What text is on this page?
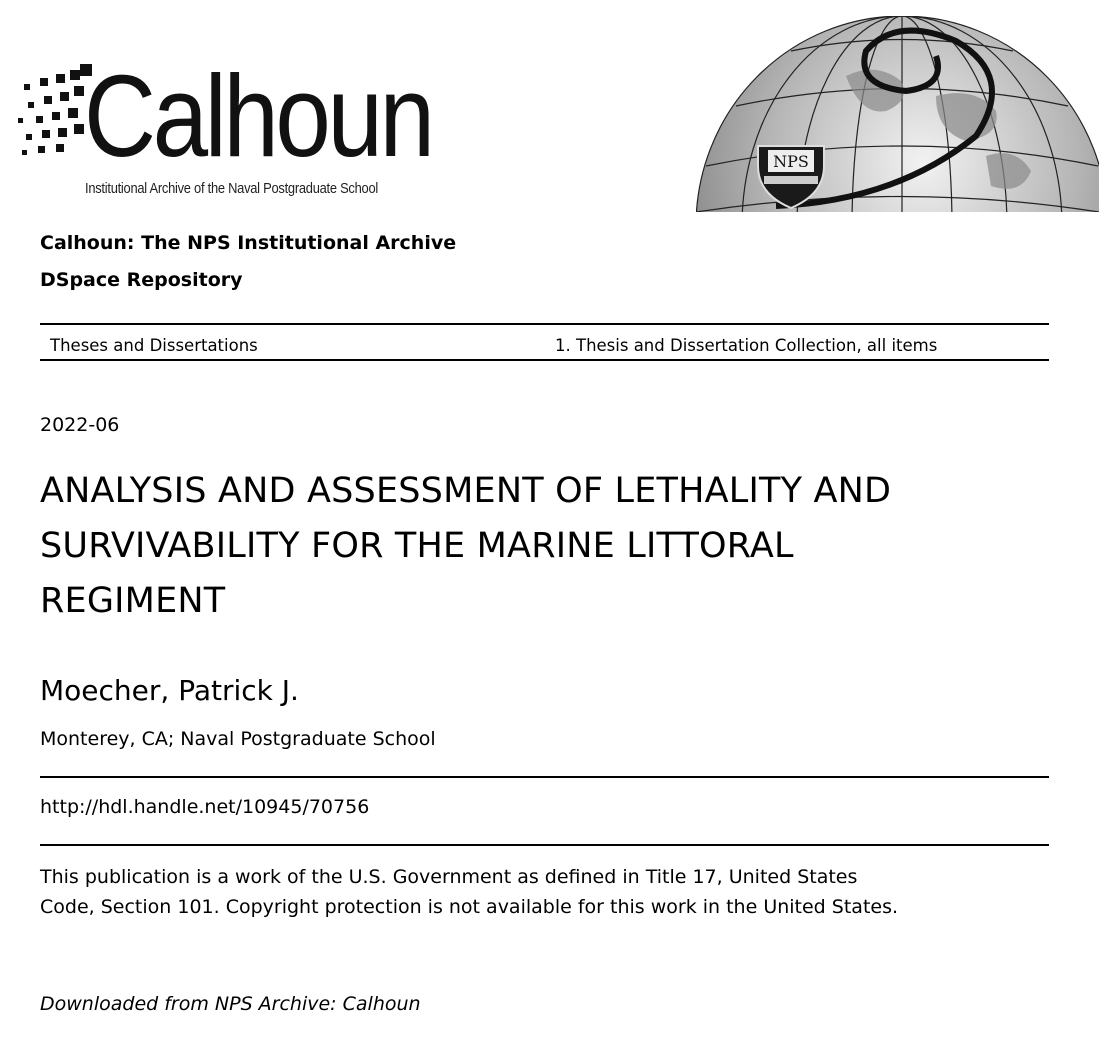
Calhoun
Institutional Archive of the Naval Postgraduate School
NPS
Calhoun: The NPS Institutional Archive
DSpace Repository
Theses and Dissertations	1. Thesis and Dissertation Collection, all items
2022-06
ANALYSIS AND ASSESSMENT OF LETHALITY AND SURVIVABILITY FOR THE MARINE LITTORAL REGIMENT
Moecher, Patrick J.
Monterey, CA; Naval Postgraduate School
http://hdl.handle.net/10945/70756
This publication is a work of the U.S. Government as defined in Title 17, United States Code, Section 101. Copyright protection is not available for this work in the United States.
Downloaded from NPS Archive: Calhoun
